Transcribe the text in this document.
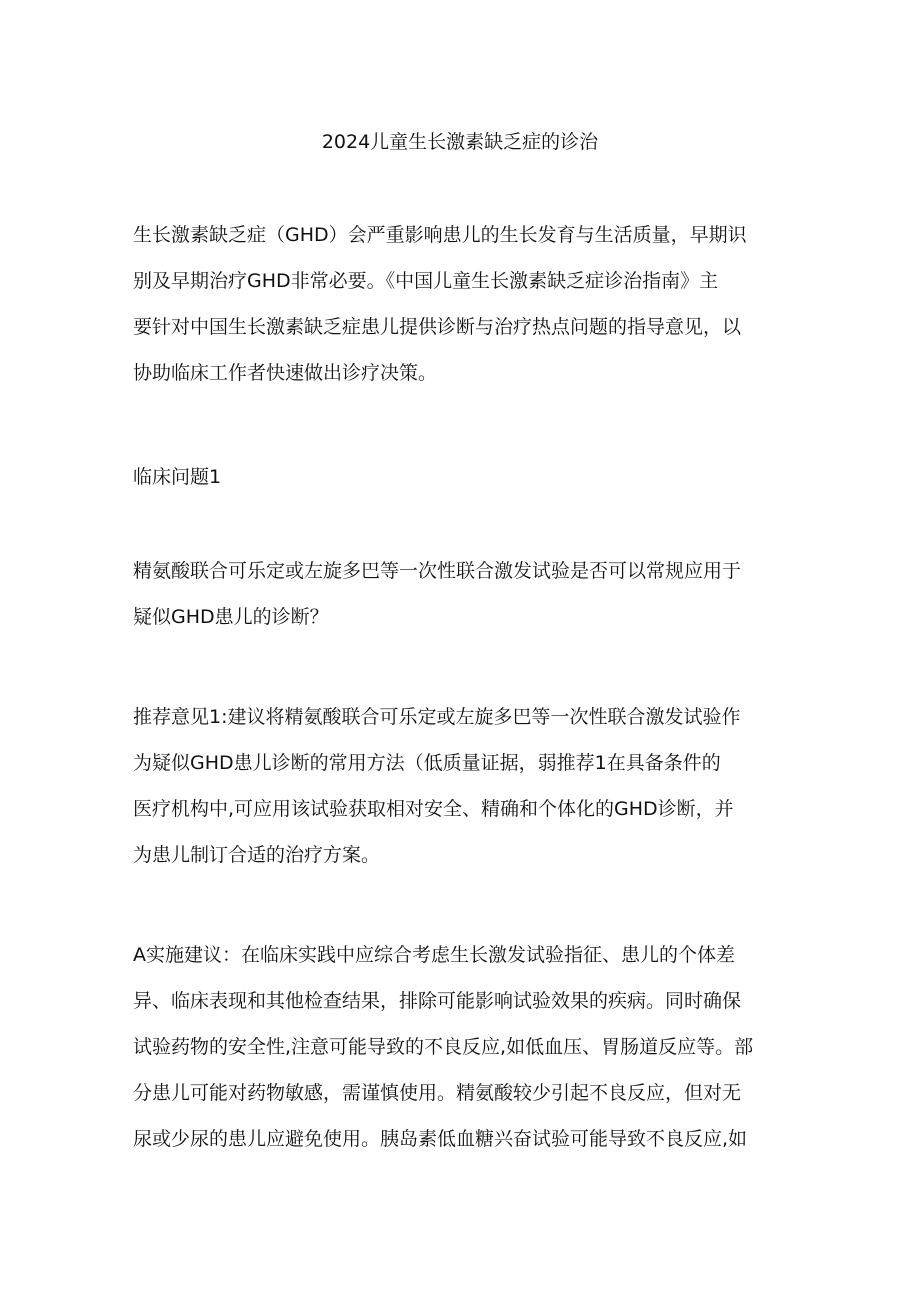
2024儿童生长激素缺乏症的诊治
生长激素缺乏症（GHD）会严重影响患儿的生长发育与生活质量，早期识
别及早期治疗GHD非常必要。《中国儿童生长激素缺乏症诊治指南》主
要针对中国生长激素缺乏症患儿提供诊断与治疗热点问题的指导意见，以
协助临床工作者快速做出诊疗决策。
临床问题1
精氨酸联合可乐定或左旋多巴等一次性联合激发试验是否可以常规应用于
疑似GHD患儿的诊断？
推荐意见1:建议将精氨酸联合可乐定或左旋多巴等一次性联合激发试验作
为疑似GHD患儿诊断的常用方法（低质量证据，弱推荐1在具备条件的
医疗机构中,可应用该试验获取相对安全、精确和个体化的GHD诊断，并
为患儿制订合适的治疗方案。
A实施建议：在临床实践中应综合考虑生长激发试验指征、患儿的个体差
异、临床表现和其他检查结果，排除可能影响试验效果的疾病。同时确保
试验药物的安全性,注意可能导致的不良反应,如低血压、胃肠道反应等。部
分患儿可能对药物敏感，需谨慎使用。精氨酸较少引起不良反应，但对无
尿或少尿的患儿应避免使用。胰岛素低血糖兴奋试验可能导致不良反应,如
